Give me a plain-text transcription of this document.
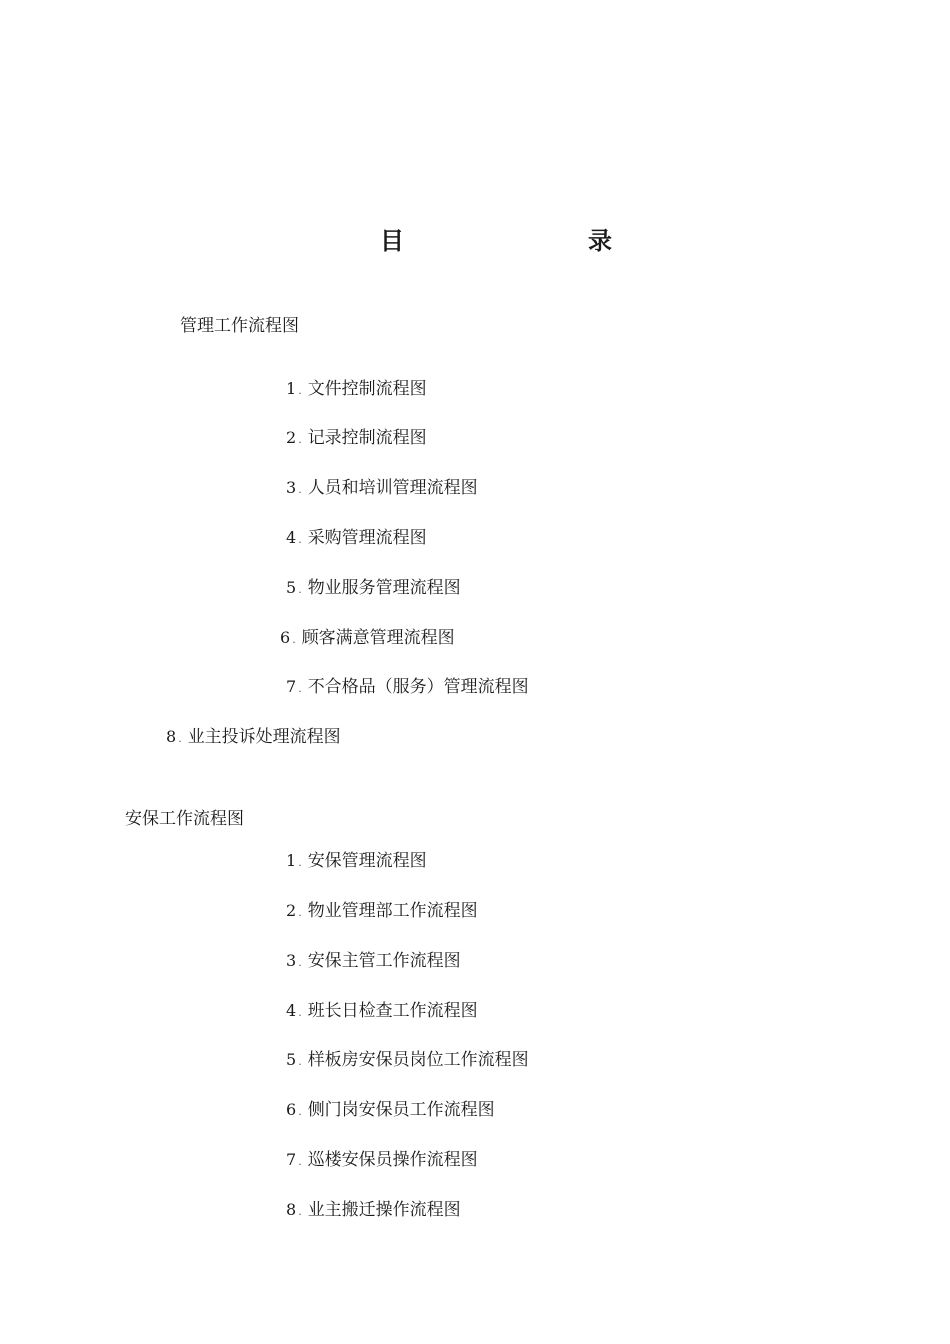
目	录
管理工作流程图
1 . 文件控制流程图
2 . 记录控制流程图
3 . 人员和培训管理流程图
4 . 采购管理流程图
5 . 物业服务管理流程图
6 . 顾客满意管理流程图
7 . 不合格品（服务）管理流程图
8 . 业主投诉处理流程图
安保工作流程图
1 . 安保管理流程图
2 . 物业管理部工作流程图
3 . 安保主管工作流程图
4 . 班长日检查工作流程图
5 . 样板房安保员岗位工作流程图
6 . 侧门岗安保员工作流程图
7 . 巡楼安保员操作流程图
8 . 业主搬迁操作流程图
